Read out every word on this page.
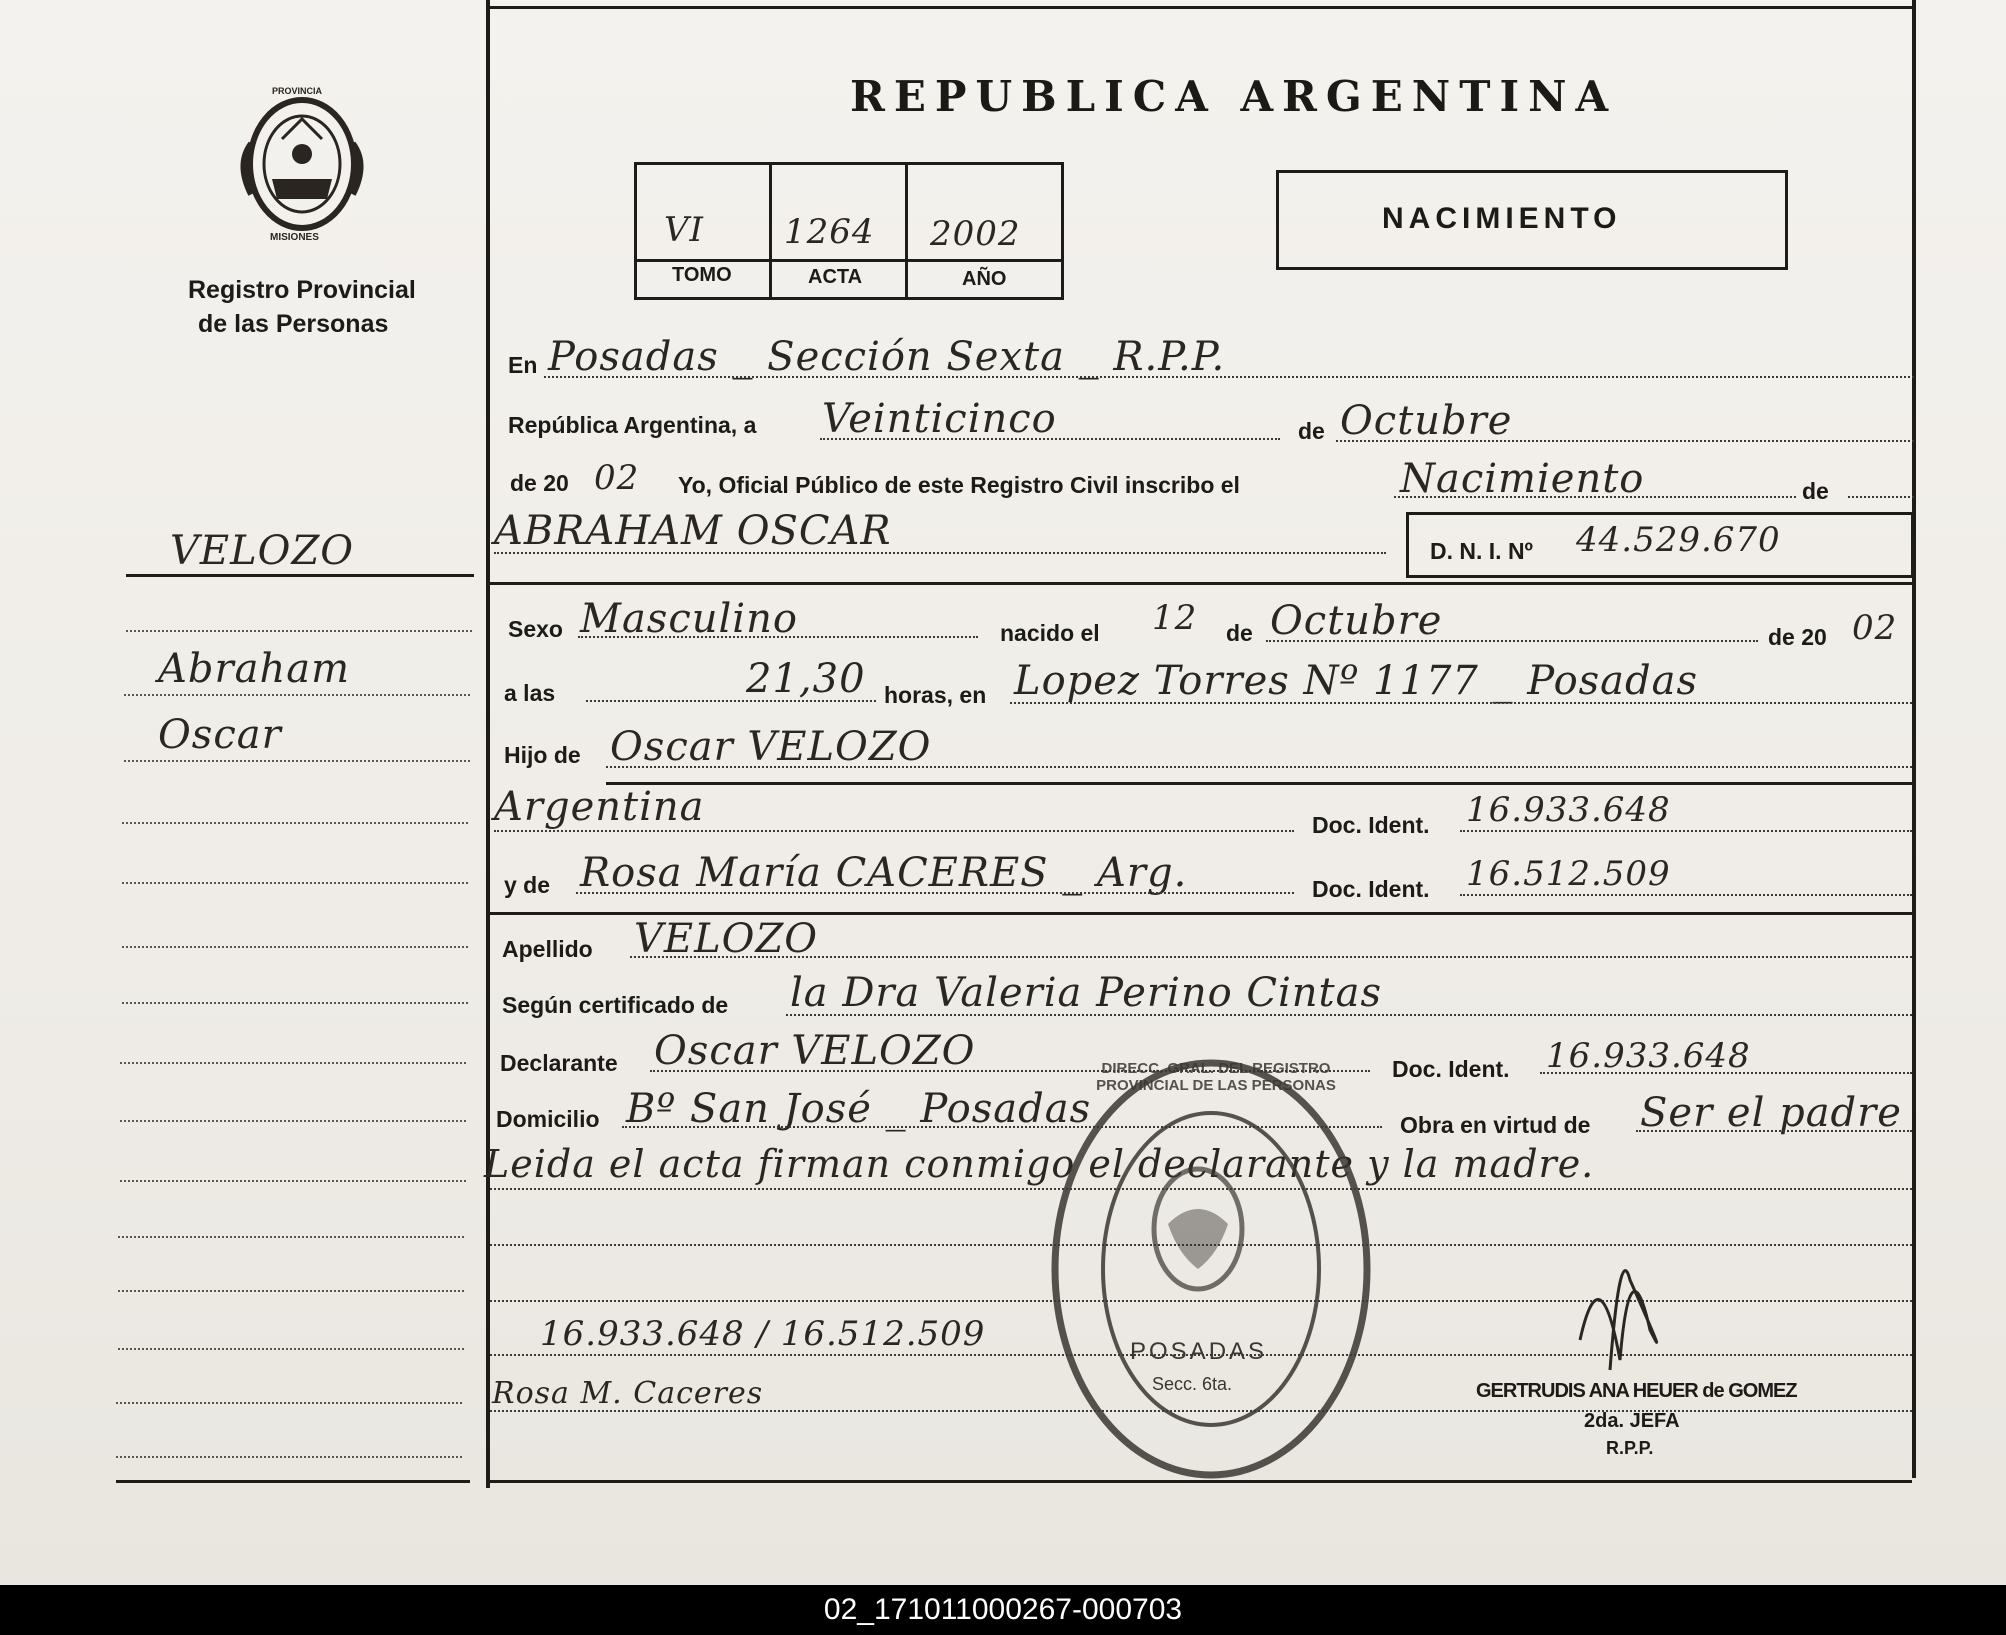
PROVINCIA
MISIONES
Registro Provincial
de las Personas
VELOZO
Abraham
Oscar
REPUBLICA ARGENTINA
VI 1264 2002
TOMO	ACTA	AÑO
NACIMIENTO
En Posadas _ Sección Sexta _ R.P.P.
República Argentina, a Veinticinco	de Octubre
de 20 02 Yo, Oficial Público de este Registro Civil inscribo el	Nacimiento	de
ABRAHAM OSCAR	D. N. I. Nº 44.529.670
Sexo Masculino	nacido el 12 de Octubre	de 20 02
a las	21,30 horas, en Lopez Torres Nº 1177 _ Posadas
Hijo de Oscar VELOZO
Argentina	Doc. Ident. 16.933.648
y de Rosa María CACERES _ Arg.	Doc. Ident. 16.512.509
Apellido VELOZO
Según certificado de la Dra Valeria Perino Cintas
Declarante Oscar VELOZO	Doc. Ident. 16.933.648
Domicilio Bº San José _ Posadas	Obra en virtud de Ser el padre
Leida el acta firman conmigo el declarante y la madre.
16.933.648 / 16.512.509
Rosa M. Caceres
DIRECC. GRAL. DEL REGISTRO PROVINCIAL DE LAS PERSONAS
POSADAS
Secc. 6ta.	GERTRUDIS ANA HEUER de GOMEZ
2da. JEFA
R.P.P.
02_171011000267-000703
